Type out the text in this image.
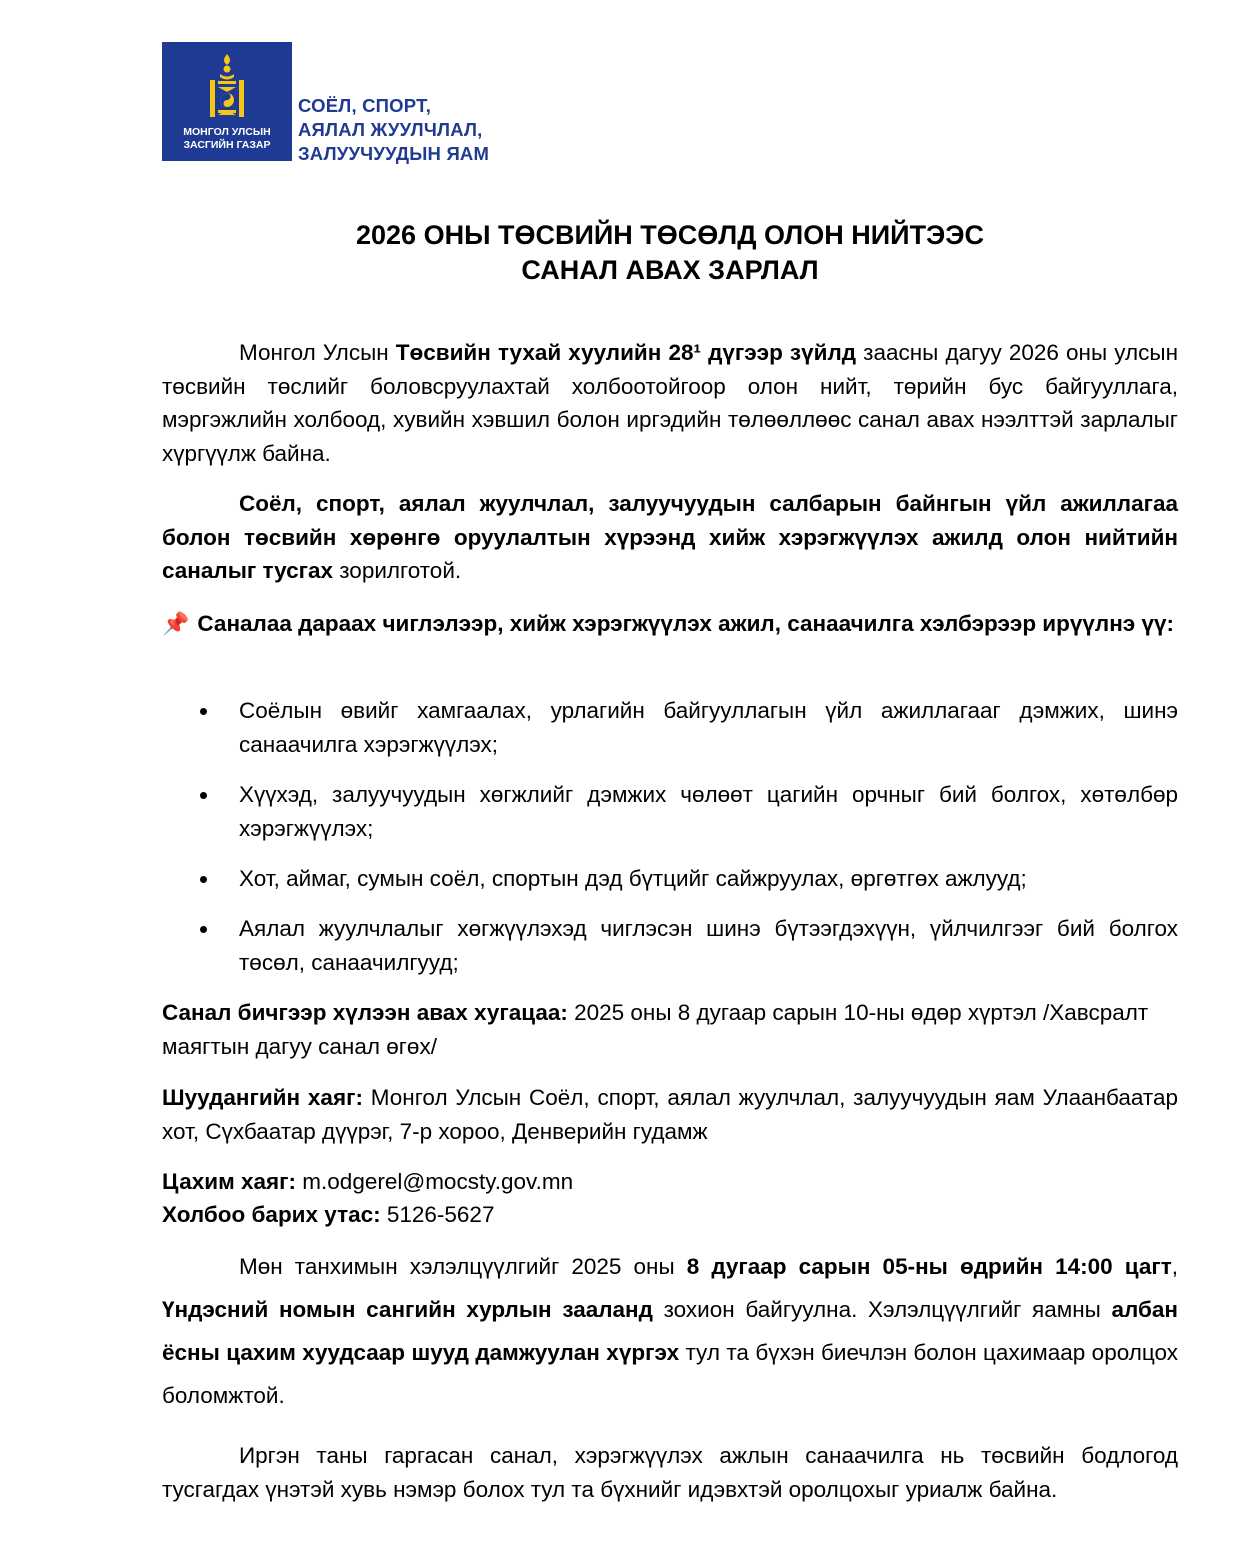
МОНГОЛ УЛСЫН
ЗАСГИЙН ГАЗАР
СОЁЛ, СПОРТ,
АЯЛАЛ ЖУУЛЧЛАЛ,
ЗАЛУУЧУУДЫН ЯАМ
2026 ОНЫ ТӨСВИЙН ТӨСӨЛД ОЛОН НИЙТЭЭС
САНАЛ АВАХ ЗАРЛАЛ

Монгол Улсын Төсвийн тухай хуулийн 28¹ дүгээр зүйлд заасны дагуу 2026 оны улсын төсвийн төслийг боловсруулахтай холбоотойгоор олон нийт, төрийн бус байгууллага, мэргэжлийн холбоод, хувийн хэвшил болон иргэдийн төлөөллөөс санал авах нээлттэй зарлалыг хүргүүлж байна.

Соёл, спорт, аялал жуулчлал, залуучуудын салбарын байнгын үйл ажиллагаа болон төсвийн хөрөнгө оруулалтын хүрээнд хийж хэрэгжүүлэх ажилд олон нийтийн саналыг тусгах зорилготой.

📌 Саналаа дараах чиглэлээр, хийж хэрэгжүүлэх ажил, санаачилга хэлбэрээр ирүүлнэ үү:

Соёлын өвийг хамгаалах, урлагийн байгууллагын үйл ажиллагааг дэмжих, шинэ санаачилга хэрэгжүүлэх;
Хүүхэд, залуучуудын хөгжлийг дэмжих чөлөөт цагийн орчныг бий болгох, хөтөлбөр хэрэгжүүлэх;
Хот, аймаг, сумын соёл, спортын дэд бүтцийг сайжруулах, өргөтгөх ажлууд;
Аялал жуулчлалыг хөгжүүлэхэд чиглэсэн шинэ бүтээгдэхүүн, үйлчилгээг бий болгох төсөл, санаачилгууд;

Санал бичгээр хүлээн авах хугацаа: 2025 оны 8 дугаар сарын 10-ны өдөр хүртэл /Хавсралт маягтын дагуу санал өгөх/

Шуудангийн хаяг: Монгол Улсын Соёл, спорт, аялал жуулчлал, залуучуудын яам Улаанбаатар хот, Сүхбаатар дүүрэг, 7-р хороо, Денверийн гудамж

Цахим хаяг: m.odgerel@mocsty.gov.mn

Холбоо барих утас: 5126-5627

Мөн танхимын хэлэлцүүлгийг 2025 оны 8 дугаар сарын 05-ны өдрийн 14:00 цагт, Үндэсний номын сангийн хурлын зааланд зохион байгуулна. Хэлэлцүүлгийг яамны албан ёсны цахим хуудсаар шууд дамжуулан хүргэх тул та бүхэн биечлэн болон цахимаар оролцох боломжтой.

Иргэн таны гаргасан санал, хэрэгжүүлэх ажлын санаачилга нь төсвийн бодлогод тусгагдах үнэтэй хувь нэмэр болох тул та бүхнийг идэвхтэй оролцохыг уриалж байна.
